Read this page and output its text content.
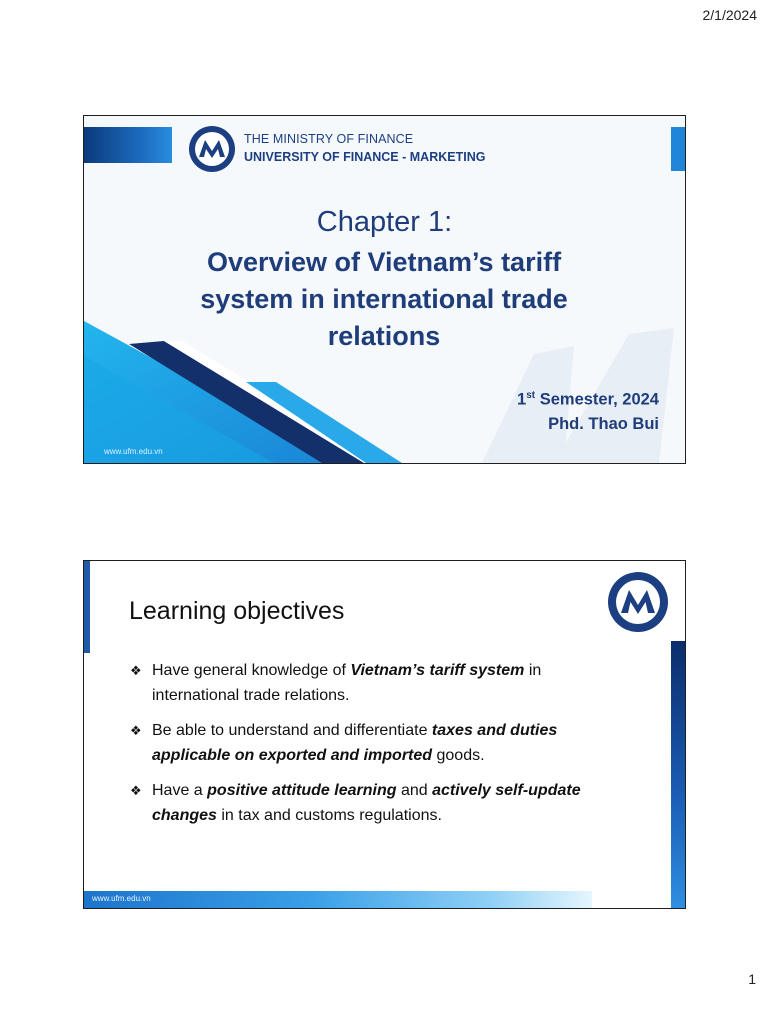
2/1/2024
THE MINISTRY OF FINANCE
UNIVERSITY OF FINANCE - MARKETING
Chapter 1:
Overview of Vietnam’s tariff system in international trade relations
1st Semester, 2024
Phd. Thao Bui
www.ufm.edu.vn
Learning objectives
❖ Have general knowledge of Vietnam’s tariff system in international trade relations.
❖ Be able to understand and differentiate taxes and duties applicable on exported and imported goods.
❖ Have a positive attitude learning and actively self-update changes in tax and customs regulations.
www.ufm.edu.vn
1
